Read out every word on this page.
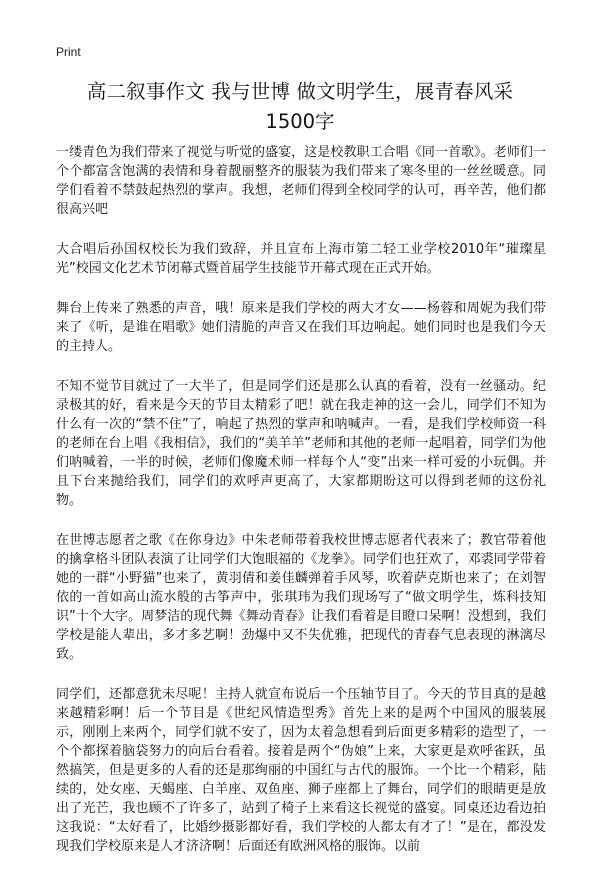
Print
高二叙事作文 我与世博 做文明学生，展青春风采
1500字

一缕青色为我们带来了视觉与听觉的盛宴，这是校教职工合唱《同一首歌》。老师们一个个都富含饱满的表情和身着靓丽整齐的服装为我们带来了寒冬里的一丝丝暖意。同学们看着不禁鼓起热烈的掌声。我想，老师们得到全校同学的认可，再辛苦，他们都很高兴吧

大合唱后孙国权校长为我们致辞，并且宣布上海市第二轻工业学校2010年“璀璨星光”校园文化艺术节闭幕式暨首届学生技能节开幕式现在正式开始。

舞台上传来了熟悉的声音，哦！原来是我们学校的两大才女——杨蓉和周妮为我们带来了《听，是谁在唱歌》她们清脆的声音又在我们耳边响起。她们同时也是我们今天的主持人。

不知不觉节目就过了一大半了，但是同学们还是那么认真的看着，没有一丝骚动。纪录极其的好，看来是今天的节目太精彩了吧！就在我走神的这一会儿，同学们不知为什么有一次的“禁不住”了，响起了热烈的掌声和呐喊声。一看，是我们学校师资一科的老师在台上唱《我相信》，我们的“美羊羊”老师和其他的老师一起唱着，同学们为他们呐喊着，一半的时候，老师们像魔术师一样每个人“变”出来一样可爱的小玩偶。并且下台来抛给我们，同学们的欢呼声更高了，大家都期盼这可以得到老师的这份礼物。

在世博志愿者之歌《在你身边》中朱老师带着我校世博志愿者代表来了；教官带着他的擒拿格斗团队表演了让同学们大饱眼福的《龙拳》。同学们也狂欢了，邓裘同学带着她的一群“小野猫”也来了，黄羽倩和姜佳麟弹着手风琴，吹着萨克斯也来了；在刘智依的一首如高山流水般的古筝声中，张琪玮为我们现场写了“做文明学生，炼科技知识”十个大字。周梦洁的现代舞《舞动青春》让我们看着是目瞪口呆啊！没想到，我们学校是能人辈出，多才多艺啊！劲爆中又不失优雅，把现代的青春气息表现的淋漓尽致。

同学们，还都意犹未尽呢！主持人就宣布说后一个压轴节目了。今天的节目真的是越来越精彩啊！后一个节目是《世纪风情造型秀》首先上来的是两个中国风的服装展示，刚刚上来两个，同学们就不安了，因为太着急想看到后面更多精彩的造型了，一个个都探着脑袋努力的向后台看着。接着是两个“伪娘”上来，大家更是欢呼雀跃，虽然搞笑，但是更多的人看的还是那绚丽的中国红与古代的服饰。一个比一个精彩，陆续的，处女座、天蝎座、白羊座、双鱼座、狮子座都上了舞台，同学们的眼睛更是放出了光芒，我也顾不了许多了，站到了椅子上来看这长视觉的盛宴。同桌还边看边拍这我说：“太好看了，比婚纱摄影都好看，我们学校的人都太有才了！”是在，都没发现我们学校原来是人才济济啊！后面还有欧洲风格的服饰。以前
